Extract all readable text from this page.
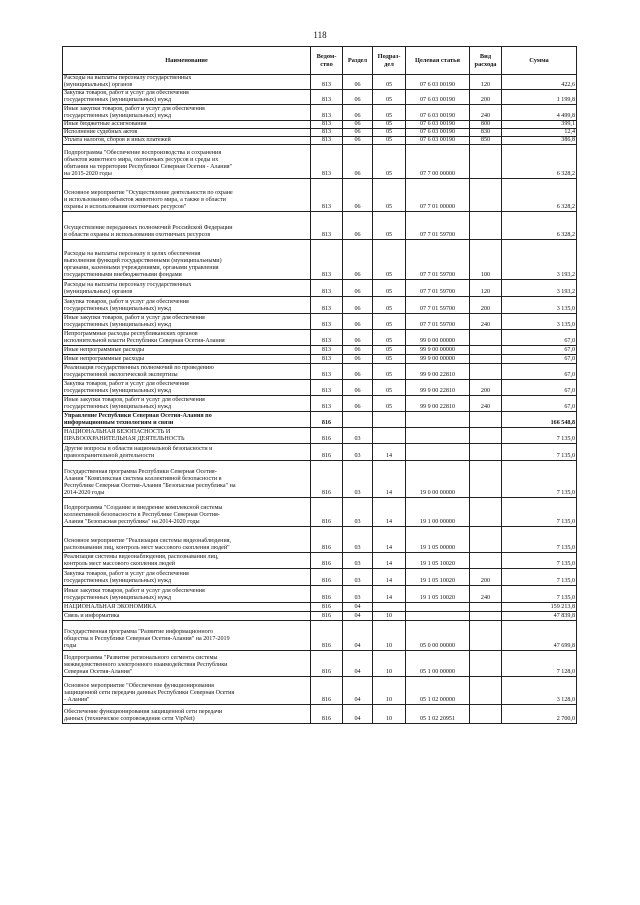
118
Наименование	Ведом-ство	Раздел	Подраз-дел	Целевая статья	Вид расхода	Сумма

Расходы на выплаты персоналу государственных
(муниципальных) органов	813	06	05	07 6 03 00190	120	422,6

Закупка товаров, работ и услуг для обеспечения
государственных (муниципальных) нужд	813	06	05	07 6 03 00190	200	1 199,8

Иные закупки товаров, работ и услуг для обеспечения
государственных (муниципальных) нужд	813	06	05	07 6 03 00190	240	4 499,8

Иные бюджетные ассигнования	813	06	05	07 6 03 00190	800	399,1

Исполнение судебных актов	813	06	05	07 6 03 00190	830	12,4

Уплата налогов, сборов и иных платежей	813	06	05	07 6 03 00190	850	386,8

Подпрограмма "Обеспечение воспроизводства и сохранения
объектов животного мира, охотничьих ресурсов и среды их
обитания на территории Республики Северная Осетия - Алания"
на 2015-2020 годы	813	06	05	07 7 00 00000		6 328,2

Основное мероприятие "Осуществление деятельности по охране
и использованию объектов животного мира, а также в области
охраны и использования охотничьих ресурсов"	813	06	05	07 7 01 00000		6 328,2

Осуществление переданных полномочий Российской Федерации
в области охраны и использования охотничьих ресурсов	813	06	05	07 7 01 59700		6 328,2

Расходы на выплаты персоналу в целях обеспечения
выполнения функций государственными (муниципальными)
органами, казенными учреждениями, органами управления
государственными внебюджетными фондами	813	06	05	07 7 01 59700	100	3 193,2

Расходы на выплаты персоналу государственных
(муниципальных) органов	813	06	05	07 7 01 59700	120	3 193,2

Закупка товаров, работ и услуг для обеспечения
государственных (муниципальных) нужд	813	06	05	07 7 01 59700	200	3 135,0

Иные закупки товаров, работ и услуг для обеспечения
государственных (муниципальных) нужд	813	06	05	07 7 01 59700	240	3 135,0

Непрограммные расходы республиканских органов
исполнительной власти Республики Северная Осетия-Алания	813	06	05	99 0 00 00000		67,0

Иные непрограммные расходы	813	06	05	99 9 00 00000		67,0

Иные непрограммные расходы	813	06	05	99 9 00 00000		67,0

Реализация государственных полномочий по проведению
государственной экологической экспертизы	813	06	05	99 9 00 22810		67,0

Закупка товаров, работ и услуг для обеспечения
государственных (муниципальных) нужд	813	06	05	99 9 00 22810	200	67,0

Иные закупки товаров, работ и услуг для обеспечения
государственных (муниципальных) нужд	813	06	05	99 9 00 22810	240	67,0

Управление Республики Северная Осетия-Алания по
информационным технологиям и связи	816					166 548,8

НАЦИОНАЛЬНАЯ БЕЗОПАСНОСТЬ И
ПРАВООХРАНИТЕЛЬНАЯ ДЕЯТЕЛЬНОСТЬ	816	03				7 135,0

Другие вопросы в области национальной безопасности и
правоохранительной деятельности	816	03	14			7 135,0

Государственная программа Республики Северная Осетия-
Алания "Комплексная система коллективной безопасности в
Республике Северная Осетия-Алания "Безопасная республика" на
2014-2020 годы	816	03	14	19 0 00 00000		7 135,0

Подпрограмма "Создание и внедрение комплексной системы
коллективной безопасности в Республике Северная Осетия-
Алания "Безопасная республика" на 2014-2020 годы	816	03	14	19 1 00 00000		7 135,0

Основное мероприятие "Реализация системы видеонаблюдения,
распознавания лиц, контроль мест массового скопления людей"	816	03	14	19 1 05 00000		7 135,0

Реализация системы видеонаблюдения, распознавания лиц,
контроль мест массового скопления людей	816	03	14	19 1 05 10020		7 135,0

Закупка товаров, работ и услуг для обеспечения
государственных (муниципальных) нужд	816	03	14	19 1 05 10020	200	7 135,0

Иные закупки товаров, работ и услуг для обеспечения
государственных (муниципальных) нужд	816	03	14	19 1 05 10020	240	7 135,0

НАЦИОНАЛЬНАЯ ЭКОНОМИКА	816	04				159 213,8

Связь и информатика	816	04	10			47 839,8

Государственная программа "Развитие информационного
общества в Республике Северная Осетия-Алания" на 2017-2019
годы	816	04	10	05 0 00 00000		47 699,8

Подпрограмма "Развитие регионального сегмента системы
межведомственного электронного взаимодействия Республики
Северная Осетия-Алания"	816	04	10	05 1 00 00000		7 128,0

Основное мероприятие "Обеспечение функционирования
защищенной сети передачи данных Республики Северная Осетия
- Алания"	816	04	10	05 1 02 00000		3 128,0

Обеспечение функционирования защищенной сети передачи
данных (техническое сопровождение сети VipNet)	816	04	10	05 1 02 20951		2 700,0
